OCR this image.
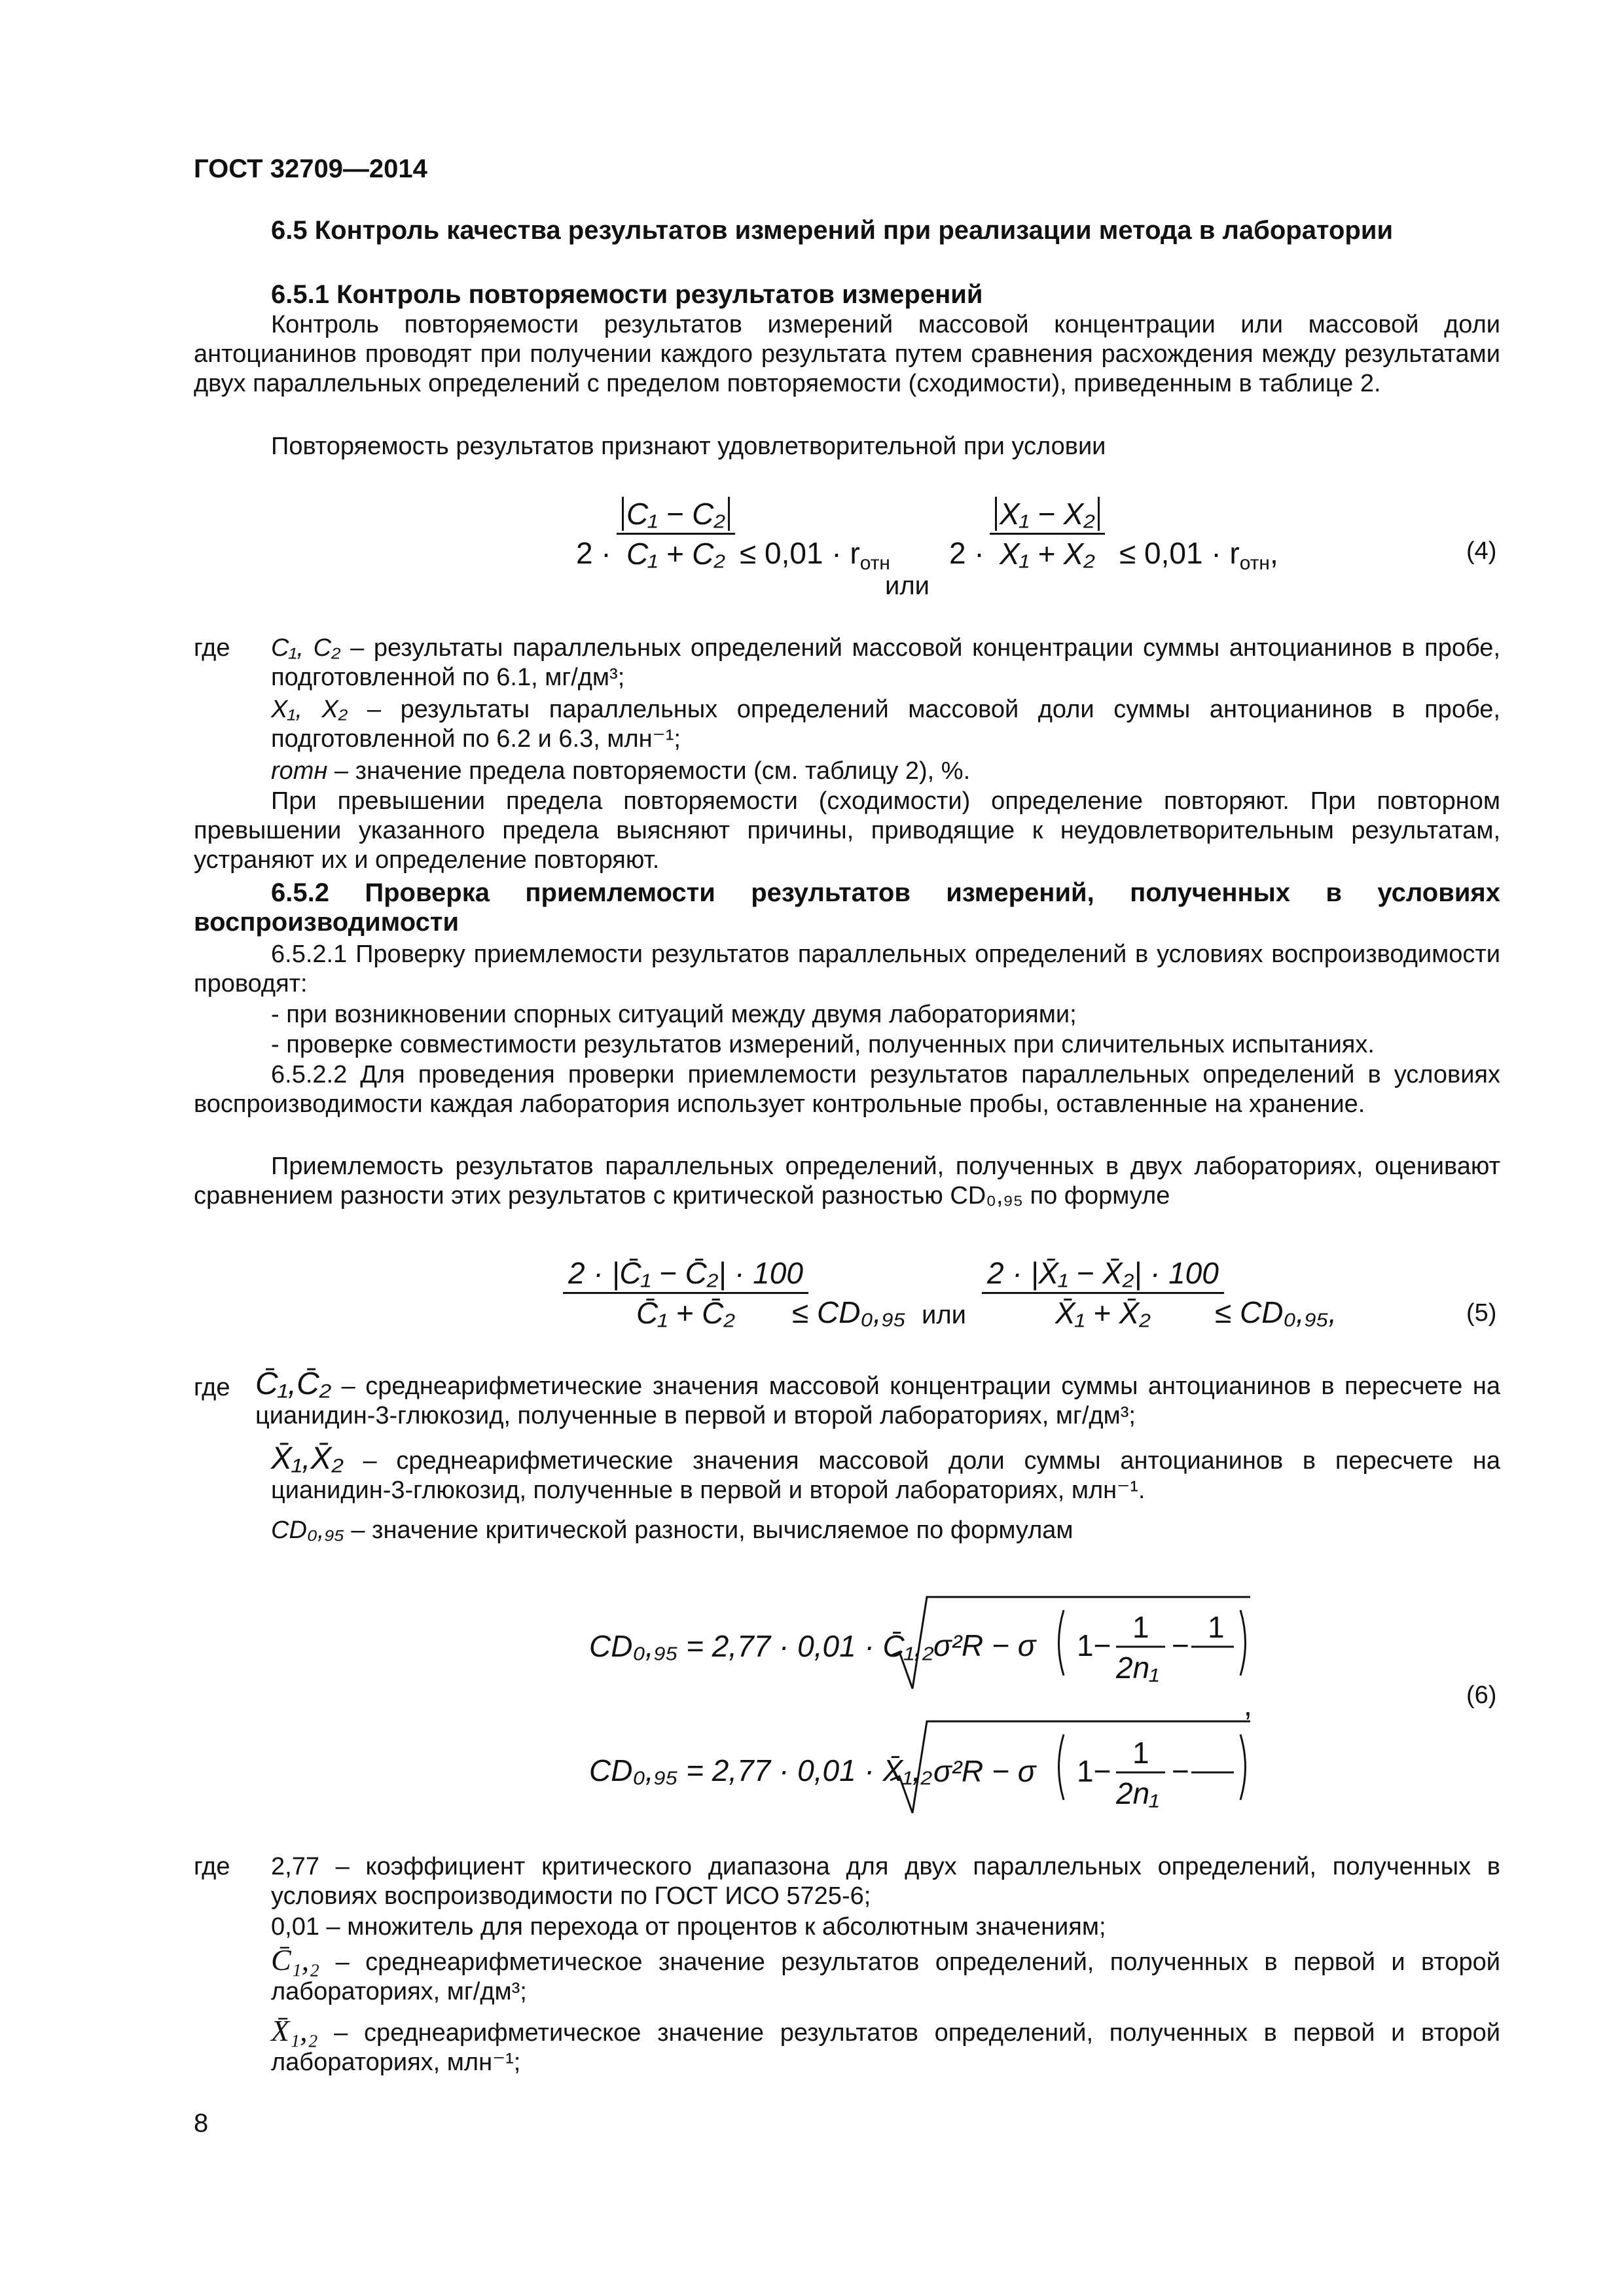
ГОСТ 32709—2014
6.5 Контроль качества результатов измерений при реализации метода в лаборатории
6.5.1 Контроль повторяемости результатов измерений
Контроль повторяемости результатов измерений массовой концентрации или массовой доли антоцианинов проводят при получении каждого результата путем сравнения расхождения между результатами двух параллельных определений с пределом повторяемости (сходимости), приведенным в таблице 2.
Повторяемость результатов признают удовлетворительной при условии
$2 \cdot \frac{\text{C₁ − C₂}}{\text{C₁ + C₂}} \le 0,01 \cdot r_{отн}$
или
$2 \cdot \frac{\text{X₁ − X₂}}{\text{X₁ + X₂}} \le 0,01 \cdot r_{отн}$,	(4)
где C₁, C₂ – результаты параллельных определений массовой концентрации суммы антоцианинов в пробе, подготовленной по 6.1, мг/дм³;
X₁, X₂ – результаты параллельных определений массовой доли суммы антоцианинов в пробе, подготовленной по 6.2 и 6.3, млн⁻¹;
rотн – значение предела повторяемости (см. таблицу 2), %.
При превышении предела повторяемости (сходимости) определение повторяют. При повторном превышении указанного предела выясняют причины, приводящие к неудовлетворительным результатам, устраняют их и определение повторяют.
6.5.2 Проверка приемлемости результатов измерений, полученных в условиях воспроизводимости
6.5.2.1 Проверку приемлемости результатов параллельных определений в условиях воспроизводимости проводят:
- при возникновении спорных ситуаций между двумя лабораториями;
- проверке совместимости результатов измерений, полученных при сличительных испытаниях.
6.5.2.2 Для проведения проверки приемлемости результатов параллельных определений в условиях воспроизводимости каждая лаборатория использует контрольные пробы, оставленные на хранение.
Приемлемость результатов параллельных определений, полученных в двух лабораториях, оценивают сравнением разности этих результатов с критической разностью CD₀,₉₅ по формуле
$\frac{\text{2 · |C̄₁ − C̄₂| · 100}}{\text{C̄₁ + C̄₂}}$
≤ CD₀,₉₅ или $\frac{\text{2 · |X̄₁ − X̄₂| · 100}}{\text{X̄₁ + X̄₂}}$
≤ CD₀,₉₅,	(5)
где C̄₁,C̄₂ – среднеарифметические значения массовой концентрации суммы антоцианинов в пересчете на цианидин-3-глюкозид, полученные в первой и второй лабораториях, мг/дм³;
X̄₁,X̄₂ – среднеарифметические значения массовой доли суммы антоцианинов в пересчете на цианидин-3-глюкозид, полученные в первой и второй лабораториях, млн⁻¹.
CD₀,₉₅ – значение критической разности, вычисляемое по формулам
CD₀,₉₅ = 2,77 · 0,01 · C̄₁,₂ σ²R − σ 1−
1
2n₁
−
1
CD₀,₉₅ = 2,77 · 0,01 · X̄₁,₂ σ²R − σ 1−
1
2n₁
−
,	(6)
где 2,77 – коэффициент критического диапазона для двух параллельных определений, полученных в условиях воспроизводимости по ГОСТ ИСО 5725-6;
0,01 – множитель для перехода от процентов к абсолютным значениям;
C̄₁,₂ – среднеарифметическое значение результатов определений, полученных в первой и второй лабораториях, мг/дм³;
X̄₁,₂ – среднеарифметическое значение результатов определений, полученных в первой и второй лабораториях, млн⁻¹;
8
